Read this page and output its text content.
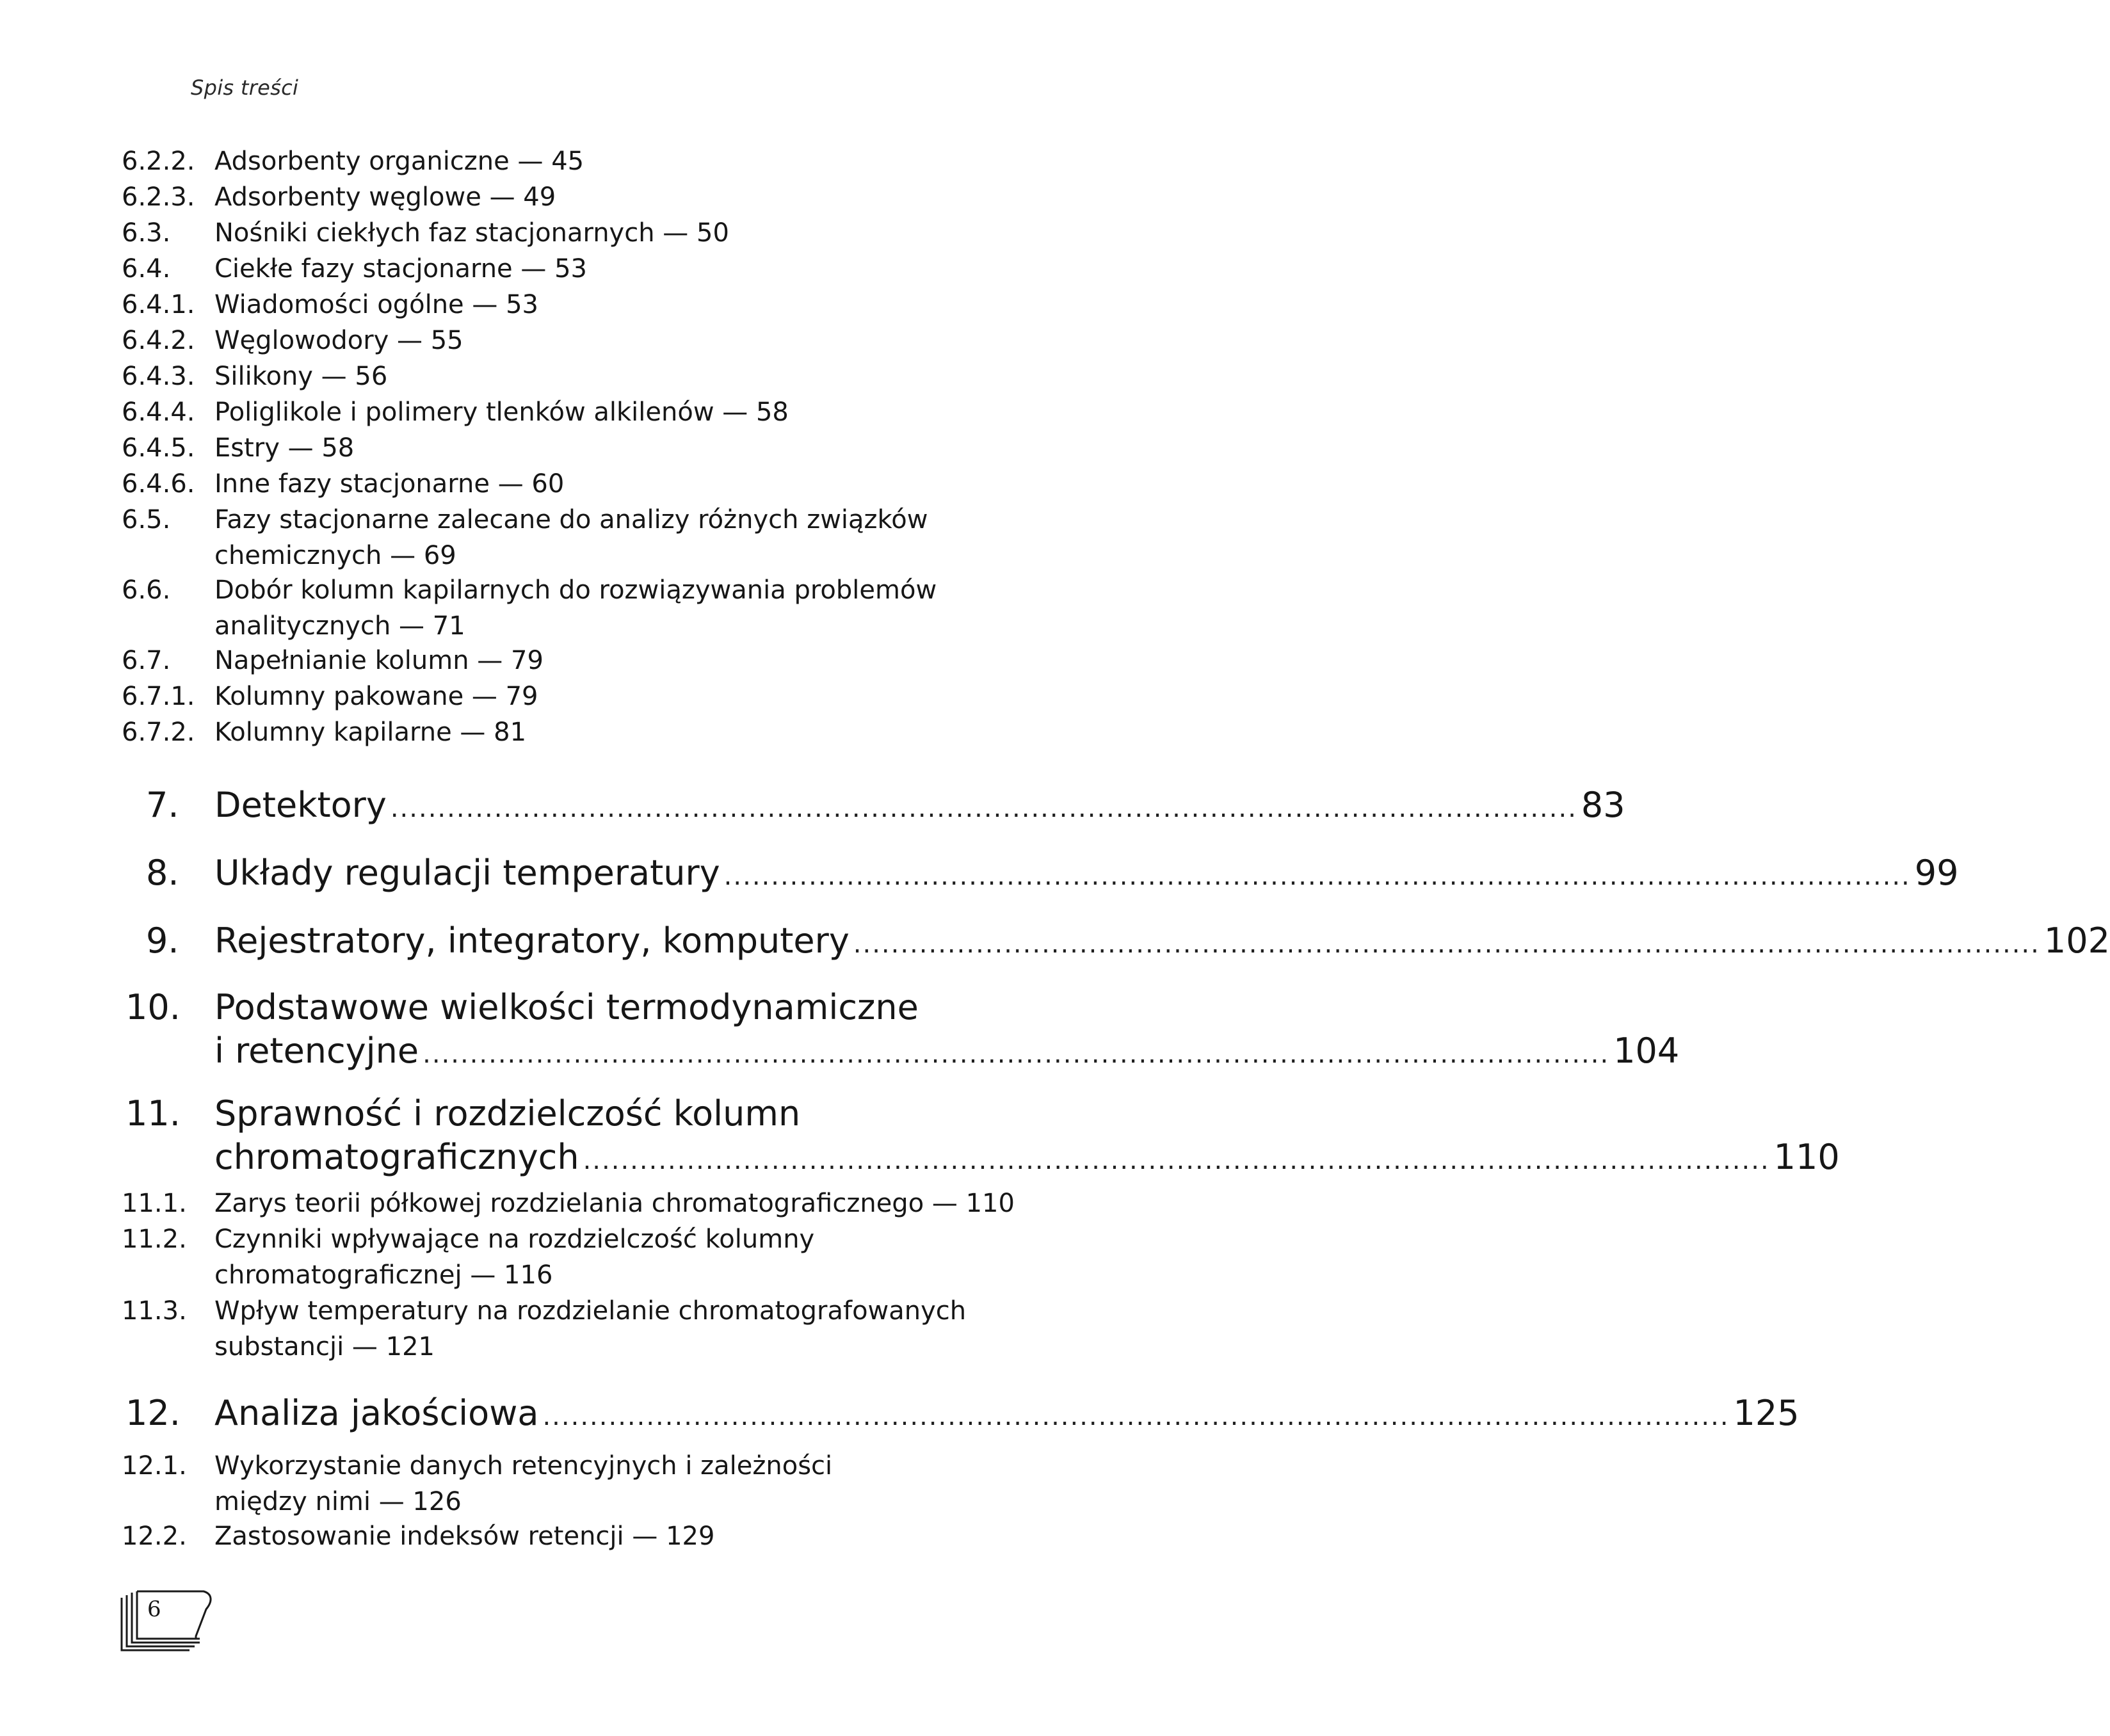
Spis treści
6.2.2. Adsorbenty organiczne — 45
6.2.3. Adsorbenty węglowe — 49
6.3. Nośniki ciekłych faz stacjonarnych — 50
6.4. Ciekłe fazy stacjonarne — 53
6.4.1. Wiadomości ogólne — 53
6.4.2. Węglowodory — 55
6.4.3. Silikony — 56
6.4.4. Poliglikole i polimery tlenków alkilenów — 58
6.4.5. Estry — 58
6.4.6. Inne fazy stacjonarne — 60
6.5. Fazy stacjonarne zalecane do analizy różnych związków
chemicznych — 69
6.6. Dobór kolumn kapilarnych do rozwiązywania problemów
analitycznych — 71
6.7. Napełnianie kolumn — 79
6.7.1. Kolumny pakowane — 79
6.7.2. Kolumny kapilarne — 81
7. Detektory .............................................................................................................................. 83
8. Układy regulacji temperatury .............................................................................................................................. 99
9. Rejestratory, integratory, komputery .............................................................................................................................. 102
10. Podstawowe wielkości termodynamiczne
i retencyjne .............................................................................................................................. 104
11. Sprawność i rozdzielczość kolumn
chromatograficznych .............................................................................................................................. 110
11.1. Zarys teorii półkowej rozdzielania chromatograficznego — 110
11.2. Czynniki wpływające na rozdzielczość kolumny
chromatograficznej — 116
11.3. Wpływ temperatury na rozdzielanie chromatografowanych
substancji — 121
12. Analiza jakościowa .............................................................................................................................. 125
12.1. Wykorzystanie danych retencyjnych i zależności
między nimi — 126
12.2. Zastosowanie indeksów retencji — 129
6
